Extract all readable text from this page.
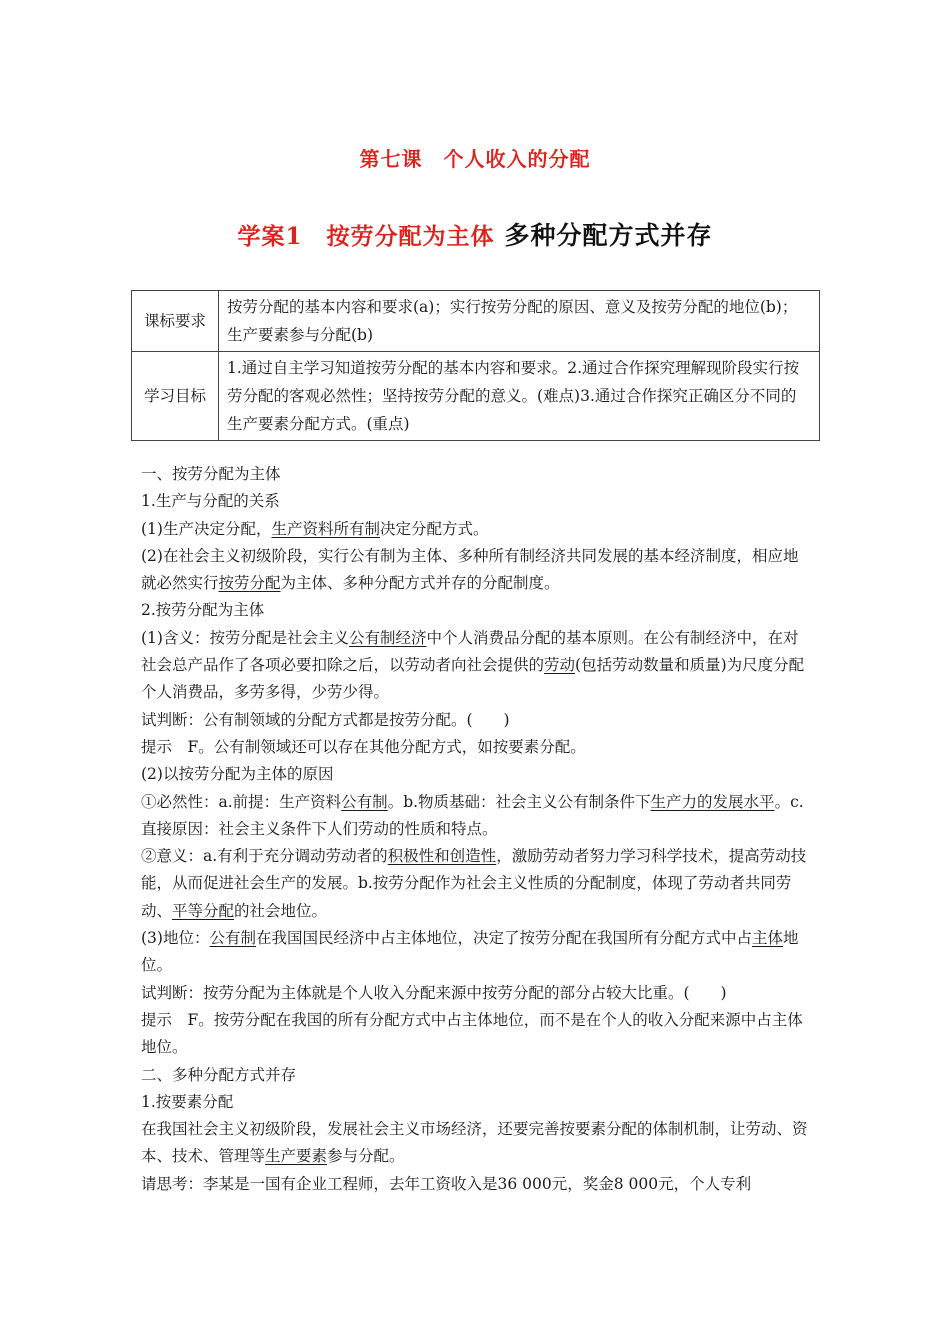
第七课　个人收入的分配
学案1　按劳分配为主体 多种分配方式并存
课标要求	按劳分配的基本内容和要求(a)；实行按劳分配的原因、意义及按劳分配的地位(b)；生产要素参与分配(b)
学习目标	1.通过自主学习知道按劳分配的基本内容和要求。2.通过合作探究理解现阶段实行按劳分配的客观必然性；坚持按劳分配的意义。(难点)3.通过合作探究正确区分不同的生产要素分配方式。(重点)

一、按劳分配为主体

1.生产与分配的关系

(1)生产决定分配，生产资料所有制决定分配方式。

(2)在社会主义初级阶段，实行公有制为主体、多种所有制经济共同发展的基本经济制度，相应地就必然实行按劳分配为主体、多种分配方式并存的分配制度。

2.按劳分配为主体

(1)含义：按劳分配是社会主义公有制经济中个人消费品分配的基本原则。在公有制经济中，在对社会总产品作了各项必要扣除之后，以劳动者向社会提供的劳动(包括劳动数量和质量)为尺度分配个人消费品，多劳多得，少劳少得。

试判断：公有制领域的分配方式都是按劳分配。(　　)

提示　F。公有制领域还可以存在其他分配方式，如按要素分配。

(2)以按劳分配为主体的原因

①必然性：a.前提：生产资料公有制。b.物质基础：社会主义公有制条件下生产力的发展水平。c.直接原因：社会主义条件下人们劳动的性质和特点。

②意义：a.有利于充分调动劳动者的积极性和创造性，激励劳动者努力学习科学技术，提高劳动技能，从而促进社会生产的发展。b.按劳分配作为社会主义性质的分配制度，体现了劳动者共同劳动、平等分配的社会地位。

(3)地位：公有制在我国国民经济中占主体地位，决定了按劳分配在我国所有分配方式中占主体地位。

试判断：按劳分配为主体就是个人收入分配来源中按劳分配的部分占较大比重。(　　)

提示　F。按劳分配在我国的所有分配方式中占主体地位，而不是在个人的收入分配来源中占主体地位。

二、多种分配方式并存

1.按要素分配

在我国社会主义初级阶段，发展社会主义市场经济，还要完善按要素分配的体制机制，让劳动、资本、技术、管理等生产要素参与分配。

请思考：李某是一国有企业工程师，去年工资收入是36 000元，奖金8 000元，个人专利
